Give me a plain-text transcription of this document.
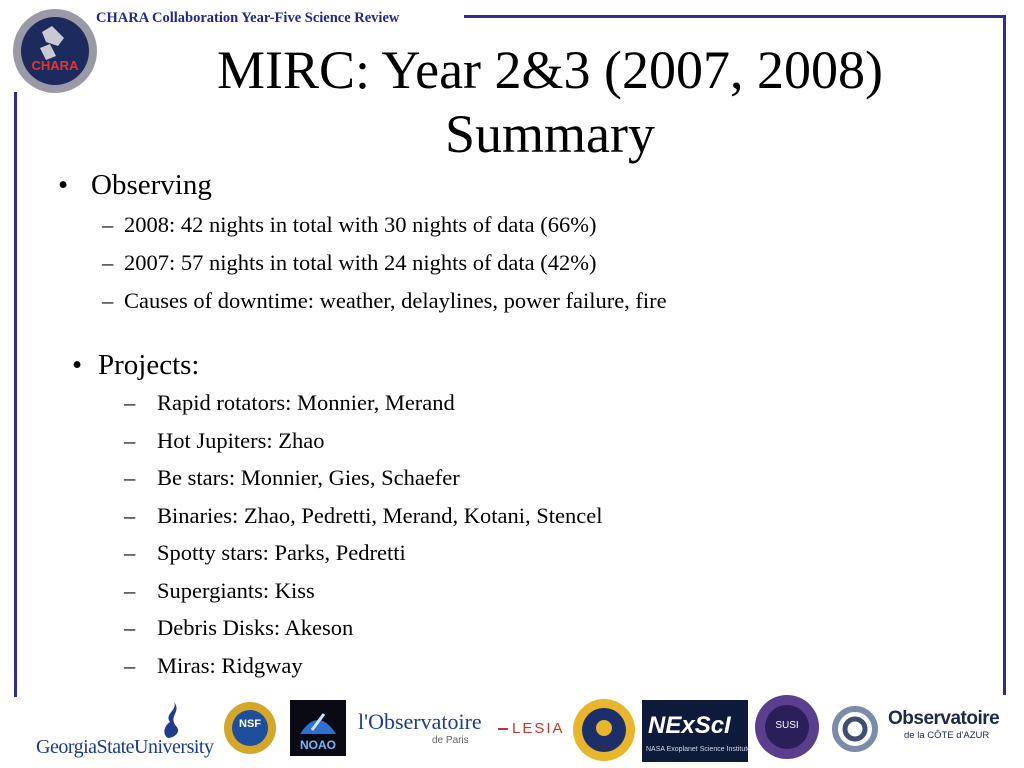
CHARA
CHARA Collaboration Year-Five Science Review
MIRC: Year 2&3 (2007, 2008)
Summary
• Observing
– 2008: 42 nights in total with 30 nights of data (66%)
– 2007: 57 nights in total with 24 nights of data (42%)
– Causes of downtime: weather, delaylines, power failure, fire
• Projects:
– Rapid rotators: Monnier, Merand
– Hot Jupiters: Zhao
– Be stars: Monnier, Gies, Schaefer
– Binaries: Zhao, Pedretti, Merand, Kotani, Stencel
– Spotty stars: Parks, Pedretti
– Supergiants: Kiss
– Debris Disks: Akeson
– Miras: Ridgway
GeorgiaStateUniversity
NSF
NOAO
l'Observatoire
de Paris
LESIA
1817
NExScI
NASA Exoplanet Science Institute
SUSI	Observatoire
de la CÔTE d'AZUR
